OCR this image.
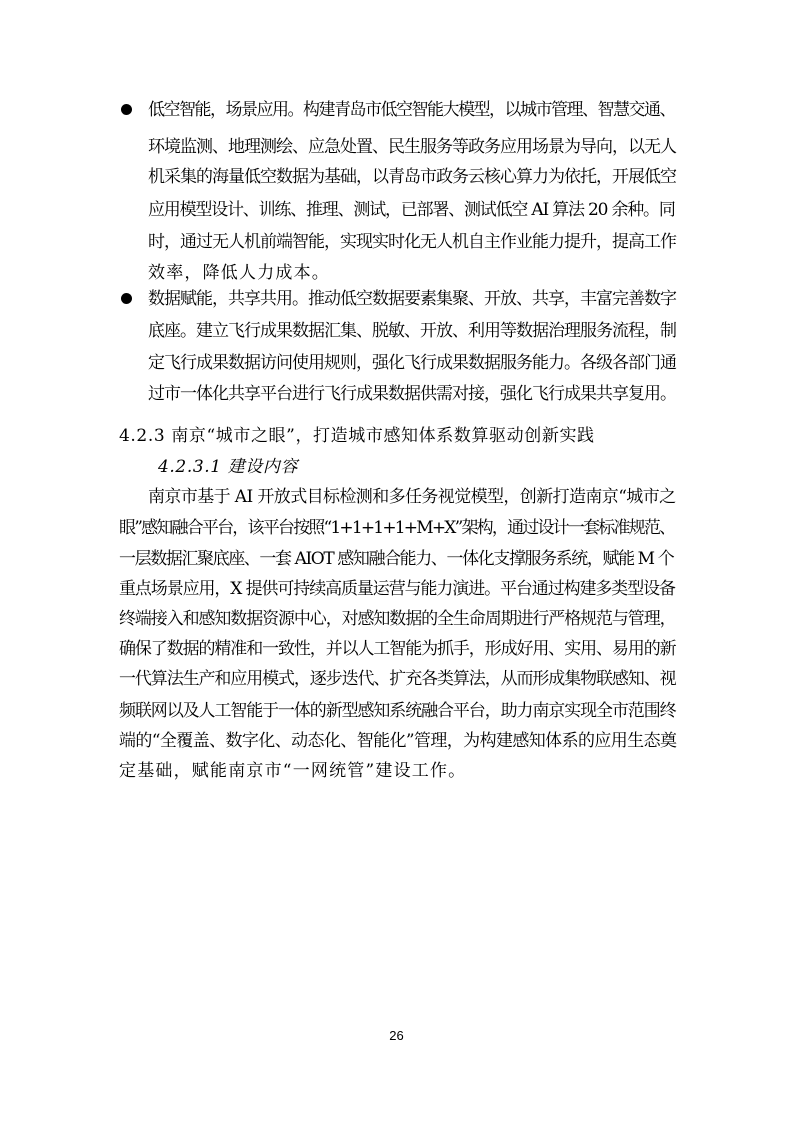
低空智能，场景应用。构建青岛市低空智能大模型，以城市管理、智慧交通、
环境监测、地理测绘、应急处置、民生服务等政务应用场景为导向，以无人
机采集的海量低空数据为基础，以青岛市政务云核心算力为依托，开展低空
应用模型设计、训练、推理、测试，已部署、测试低空 AI 算法 20 余种。同
时，通过无人机前端智能，实现实时化无人机自主作业能力提升，提高工作
效率，降低人力成本。
数据赋能，共享共用。推动低空数据要素集聚、开放、共享，丰富完善数字
底座。建立飞行成果数据汇集、脱敏、开放、利用等数据治理服务流程，制
定飞行成果数据访问使用规则，强化飞行成果数据服务能力。各级各部门通
过市一体化共享平台进行飞行成果数据供需对接，强化飞行成果共享复用。
4.2.3 南京“城市之眼”，打造城市感知体系数算驱动创新实践
4.2.3.1 建设内容
南京市基于 AI 开放式目标检测和多任务视觉模型，创新打造南京“城市之
眼”感知融合平台，该平台按照“1+1+1+1+M+X”架构，通过设计一套标准规范、
一层数据汇聚底座、一套 AIOT 感知融合能力、一体化支撑服务系统，赋能 M 个
重点场景应用，X 提供可持续高质量运营与能力演进。平台通过构建多类型设备
终端接入和感知数据资源中心，对感知数据的全生命周期进行严格规范与管理，
确保了数据的精准和一致性，并以人工智能为抓手，形成好用、实用、易用的新
一代算法生产和应用模式，逐步迭代、扩充各类算法，从而形成集物联感知、视
频联网以及人工智能于一体的新型感知系统融合平台，助力南京实现全市范围终
端的“全覆盖、数字化、动态化、智能化”管理，为构建感知体系的应用生态奠
定基础，赋能南京市“一网统管”建设工作。
26
